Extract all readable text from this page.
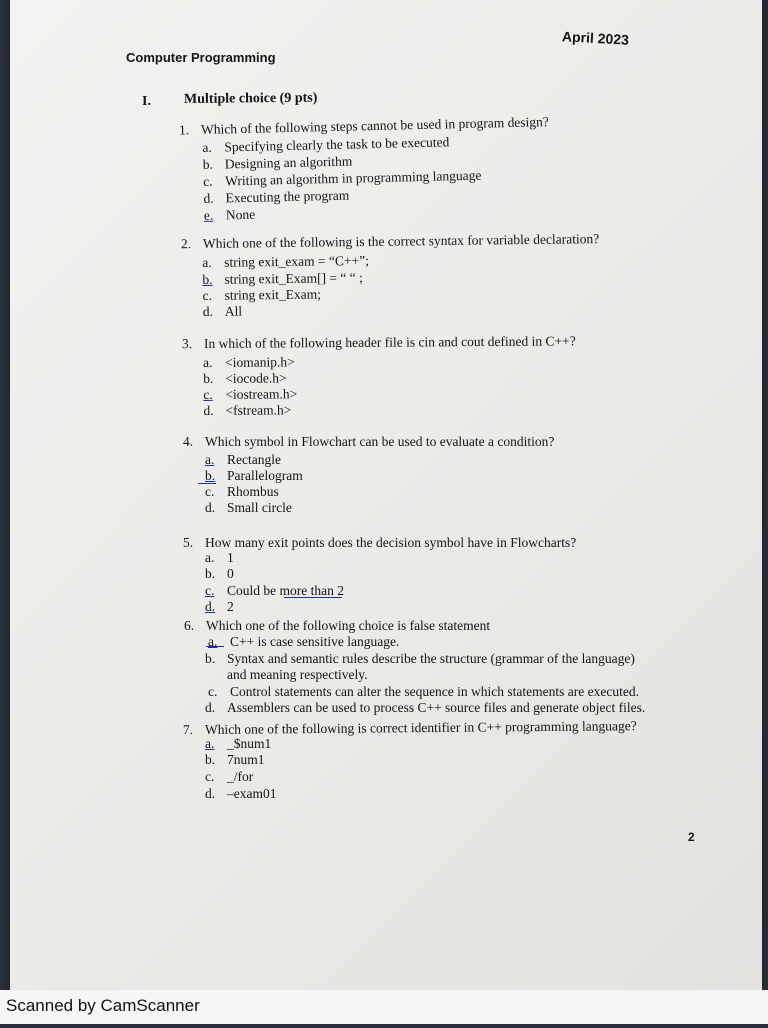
April 2023
Computer Programming
I. Multiple choice (9 pts)
1. Which of the following steps cannot be used in program design?
a. Specifying clearly the task to be executed
b. Designing an algorithm
c. Writing an algorithm in programming language
d. Executing the program
e. None
2. Which one of the following is the correct syntax for variable declaration?
a. string exit_exam = “C++”;
b. string exit_Exam[] = “ “ ;
c. string exit_Exam;
d. All
3. In which of the following header file is cin and cout defined in C++?
a. <iomanip.h>
b. <iocode.h>
c. <iostream.h>
d. <fstream.h>
4. Which symbol in Flowchart can be used to evaluate a condition?
a. Rectangle
b. Parallelogram
c. Rhombus
d. Small circle
5. How many exit points does the decision symbol have in Flowcharts?
a. 1
b. 0
c. Could be more than 2
d. 2
6. Which one of the following choice is false statement
a. C++ is case sensitive language.
b. Syntax and semantic rules describe the structure (grammar of the language)
and meaning respectively.
c. Control statements can alter the sequence in which statements are executed.
d. Assemblers can be used to process C++ source files and generate object files.
7. Which one of the following is correct identifier in C++ programming language?
a. _$num1
b. 7num1
c. _/for
d. –exam01
2
Scanned by CamScanner
